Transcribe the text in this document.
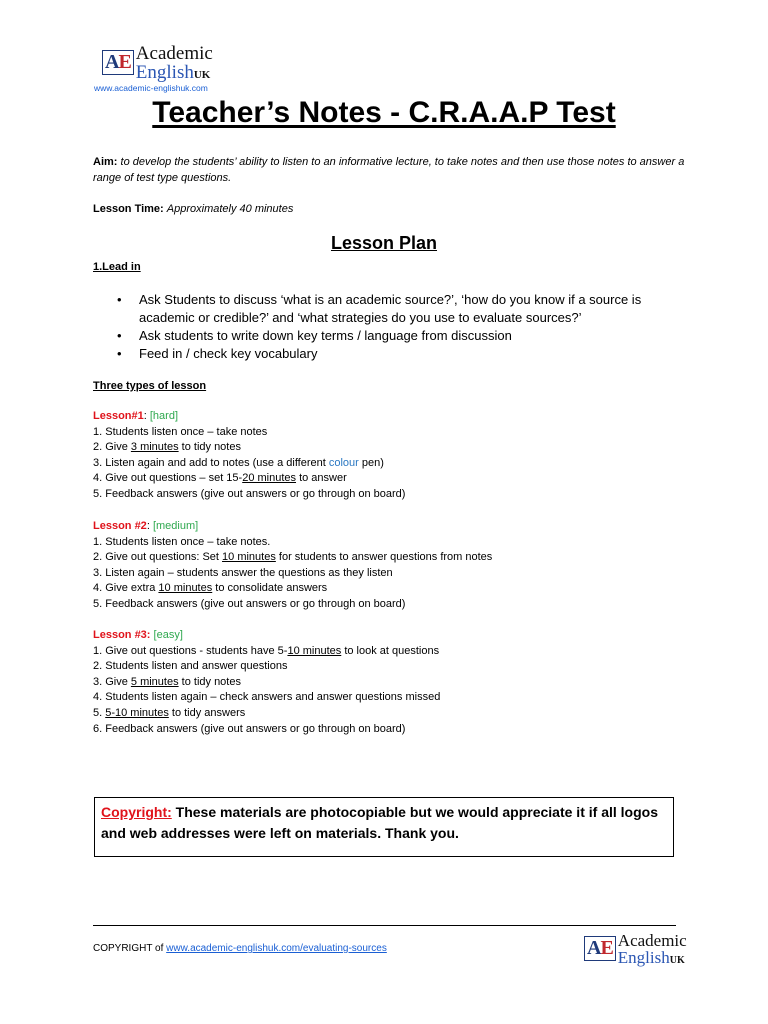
AE Academic
EnglishUK
www.academic-englishuk.com
Teacher’s Notes - C.R.A.A.P Test

Aim: to develop the students’ ability to listen to an informative lecture, to take notes and then use those notes to answer a range of test type questions.

Lesson Time: Approximately 40 minutes

Lesson Plan
1.Lead in
• Ask Students to discuss ‘what is an academic source?’, ‘how do you know if a source is academic or credible?’ and ‘what strategies do you use to evaluate sources?’
• Ask students to write down key terms / language from discussion
• Feed in / check key vocabulary
Three types of lesson
Lesson#1: [hard]
1. Students listen once – take notes
2. Give 3 minutes to tidy notes
3. Listen again and add to notes (use a different colour pen)
4. Give out questions – set 15-20 minutes to answer
5. Feedback answers (give out answers or go through on board)
Lesson #2: [medium]
1. Students listen once – take notes.
2. Give out questions: Set 10 minutes for students to answer questions from notes
3. Listen again – students answer the questions as they listen
4. Give extra 10 minutes to consolidate answers
5. Feedback answers (give out answers or go through on board)
Lesson #3: [easy]
1. Give out questions - students have 5-10 minutes to look at questions
2. Students listen and answer questions
3. Give 5 minutes to tidy notes
4. Students listen again – check answers and answer questions missed
5. 5-10 minutes to tidy answers
6. Feedback answers (give out answers or go through on board)
Copyright: These materials are photocopiable but we would appreciate it if all logos and web addresses were left on materials. Thank you.
COPYRIGHT of www.academic-englishuk.com/evaluating-sources	AE Academic
EnglishUK
